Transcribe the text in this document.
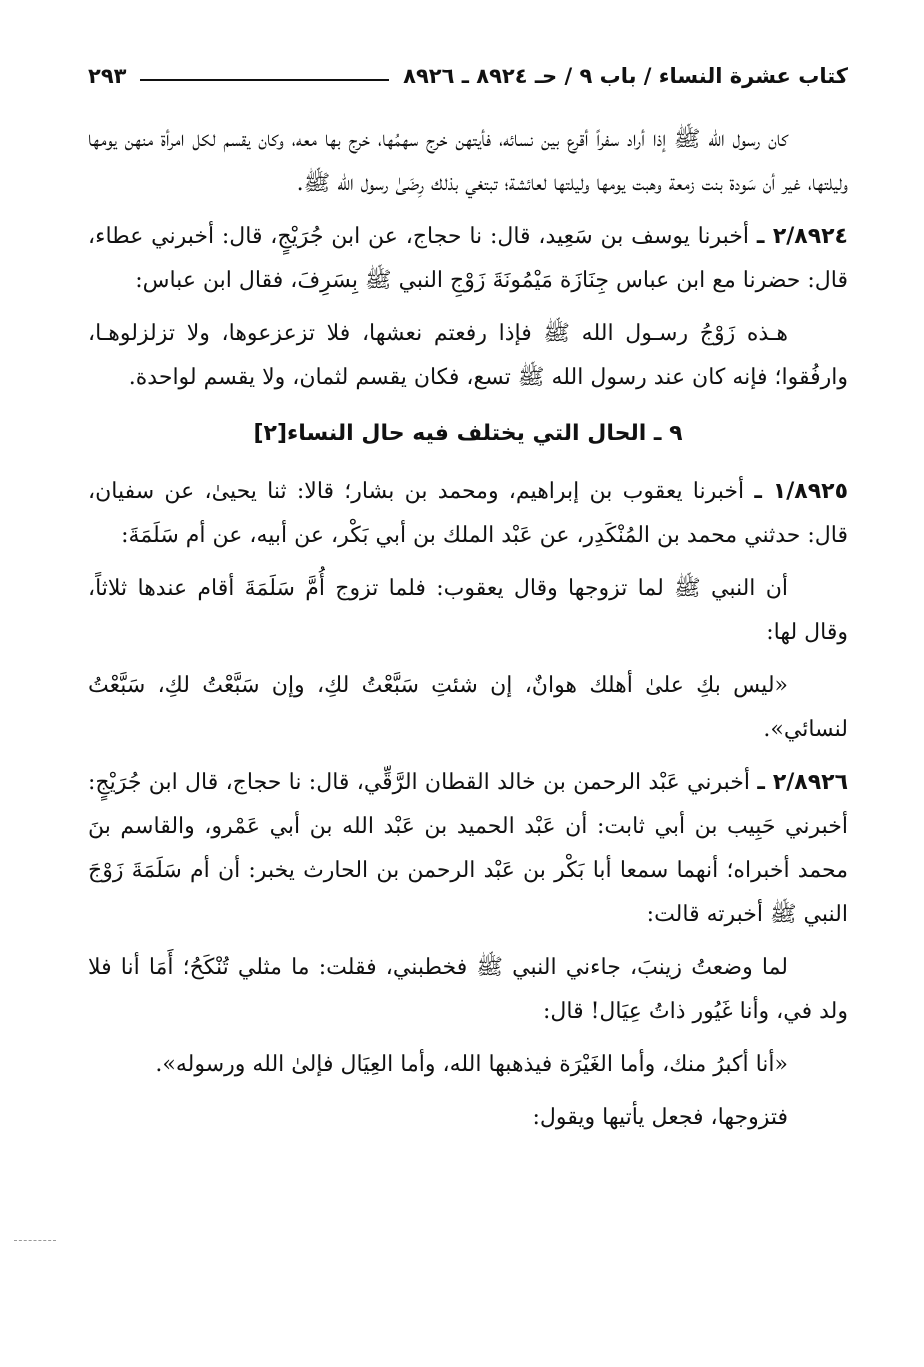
كتاب عشرة النساء / باب ٩ / حـ ٨٩٢٤ ـ ٨٩٢٦
٢٩٣

كان رسول الله ﷺ إذا أراد سفراً أقرع بين نسائه، فأيتهن خرج سهمُها، خرج بها معه، وكان يقسم لكل امرأة منهن يومها وليلتها، غير أن سَودة بنت زمعة وهبت يومها وليلتها لعائشة؛ تبتغي بذلك رِضَىٰ رسول الله ﷺ.

٢/٨٩٢٤ ـ أخبرنا يوسف بن سَعِيد، قال: نا حجاج، عن ابن جُرَيْجٍ، قال: أخبرني عطاء، قال: حضرنا مع ابن عباس جِنَازَة مَيْمُونَةَ زَوْجِ النبي ﷺ بِسَرِفَ، فقال ابن عباس:

هـذه زَوْجُ رسـول الله ﷺ فإذا رفعتم نعشها، فلا تزعزعوها، ولا تزلزلوهـا، وارفُقوا؛ فإنه كان عند رسول الله ﷺ تسع، فكان يقسم لثمان، ولا يقسم لواحدة.

٩ ـ الحال التي يختلف فيه حال النساء[٢]

١/٨٩٢٥ ـ أخبرنا يعقوب بن إبراهيم، ومحمد بن بشار؛ قالا: ثنا يحيىٰ، عن سفيان، قال: حدثني محمد بن المُنْكَدِر، عن عَبْد الملك بن أبي بَكْر، عن أبيه، عن أم سَلَمَةَ:

أن النبي ﷺ لما تزوجها وقال يعقوب: فلما تزوج أُمَّ سَلَمَةَ أقام عندها ثلاثاً، وقال لها:

«ليس بكِ علىٰ أهلك هوانٌ، إن شئتِ سَبَّعْتُ لكِ، وإن سَبَّعْتُ لكِ، سَبَّعْتُ لنسائي».

٢/٨٩٢٦ ـ أخبرني عَبْد الرحمن بن خالد القطان الرَّقِّي، قال: نا حجاج، قال ابن جُرَيْجٍ: أخبرني حَبِيب بن أبي ثابت: أن عَبْد الحميد بن عَبْد الله بن أبي عَمْرو، والقاسم بنَ محمد أخبراه؛ أنهما سمعا أبا بَكْر بن عَبْد الرحمن بن الحارث يخبر: أن أم سَلَمَةَ زَوْجَ النبي ﷺ أخبرته قالت:

لما وضعتُ زينبَ، جاءني النبي ﷺ فخطبني، فقلت: ما مثلي تُنْكَحُ؛ أَمَا أنا فلا ولد في، وأنا غَيُور ذاتُ عِيَال! قال:

«أنا أكبرُ منك، وأما الغَيْرَة فيذهبها الله، وأما العِيَال فإلىٰ الله ورسوله».

فتزوجها، فجعل يأتيها ويقول:
